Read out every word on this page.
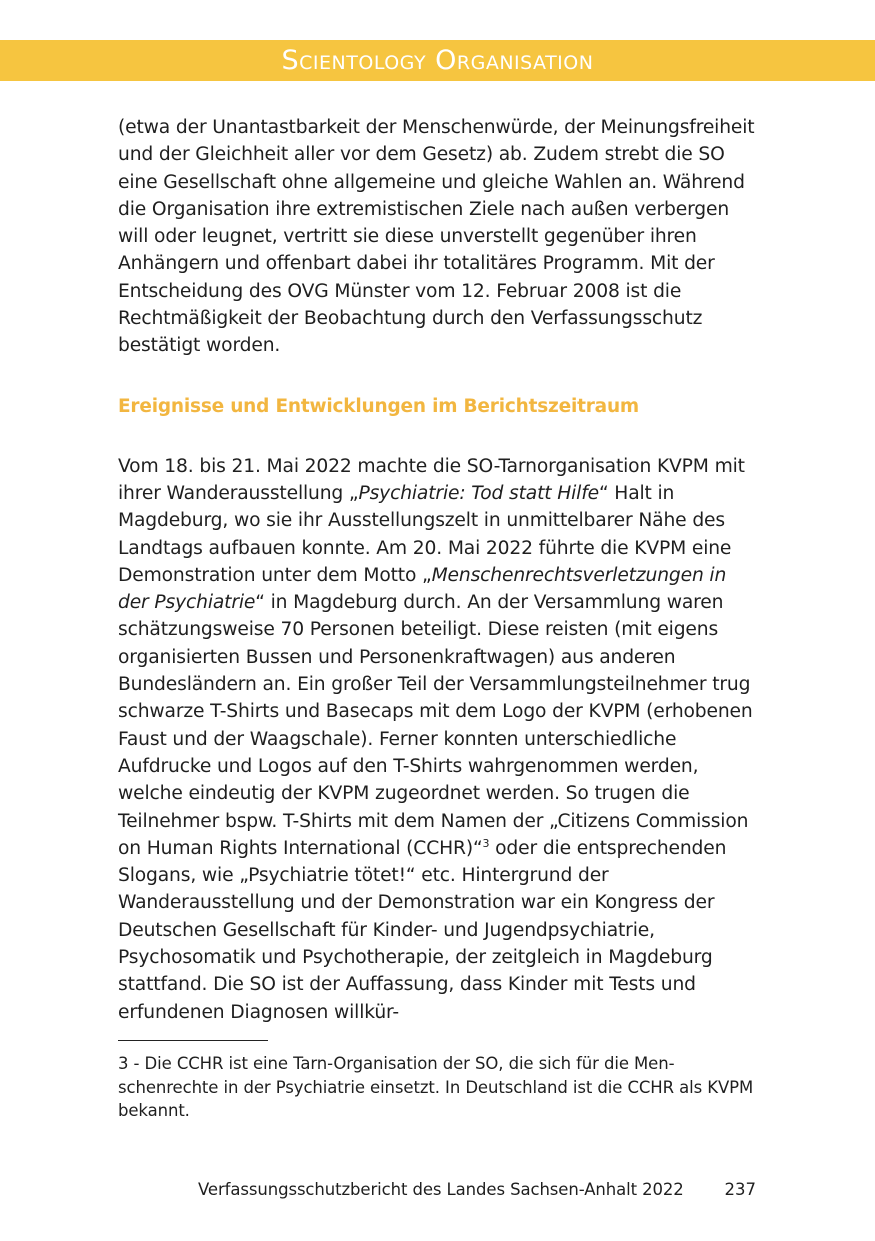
Scientology Organisation

(etwa der Unantastbarkeit der Menschenwürde, der Meinungsfreiheit und der Gleichheit aller vor dem Gesetz) ab. Zudem strebt die SO eine Gesellschaft ohne allgemeine und gleiche Wahlen an. Während die Organisation ihre extremistischen Ziele nach außen verbergen will oder leugnet, vertritt sie diese unverstellt gegenüber ihren Anhängern und offenbart dabei ihr totalitäres Programm. Mit der Entscheidung des OVG Münster vom 12. Februar 2008 ist die Rechtmäßigkeit der Beobachtung durch den Verfassungsschutz bestätigt worden.

Ereignisse und Entwicklungen im Berichtszeitraum

Vom 18. bis 21. Mai 2022 machte die SO-Tarnorganisation KVPM mit ihrer Wanderausstellung „Psychiatrie: Tod statt Hilfe“ Halt in Magdeburg, wo sie ihr Ausstellungszelt in unmittelbarer Nähe des Landtags aufbauen konnte. Am 20. Mai 2022 führte die KVPM eine Demonstration unter dem Motto „Menschenrechtsverletzungen in der Psychiatrie“ in Magdeburg durch. An der Versammlung waren schätzungsweise 70 Personen beteiligt. Diese reisten (mit eigens organisierten Bussen und Personenkraftwagen) aus anderen Bundesländern an. Ein großer Teil der Versammlungsteilnehmer trug schwarze T-Shirts und Basecaps mit dem Logo der KVPM (erhobenen Faust und der Waagschale). Ferner konnten unterschiedliche Aufdrucke und Logos auf den T-Shirts wahrgenommen werden, welche eindeutig der KVPM zugeordnet werden. So trugen die Teilnehmer bspw. T-Shirts mit dem Namen der „Citizens Commission on Human Rights International (CCHR)“$^3$ oder die entsprechenden Slogans, wie „Psychiatrie tötet!“ etc. Hintergrund der Wanderausstellung und der Demonstration war ein Kongress der Deutschen Gesellschaft für Kinder- und Jugendpsychiatrie, Psychosomatik und Psychotherapie, der zeitgleich in Magdeburg stattfand. Die SO ist der Auffassung, dass Kinder mit Tests und erfundenen Diagnosen willkür-

3 - Die CCHR ist eine Tarn-Organisation der SO, die sich für die Menschenrechte in der Psychiatrie einsetzt. In Deutschland ist die CCHR als KVPM bekannt.

Verfassungsschutzbericht des Landes Sachsen-Anhalt 2022 237
